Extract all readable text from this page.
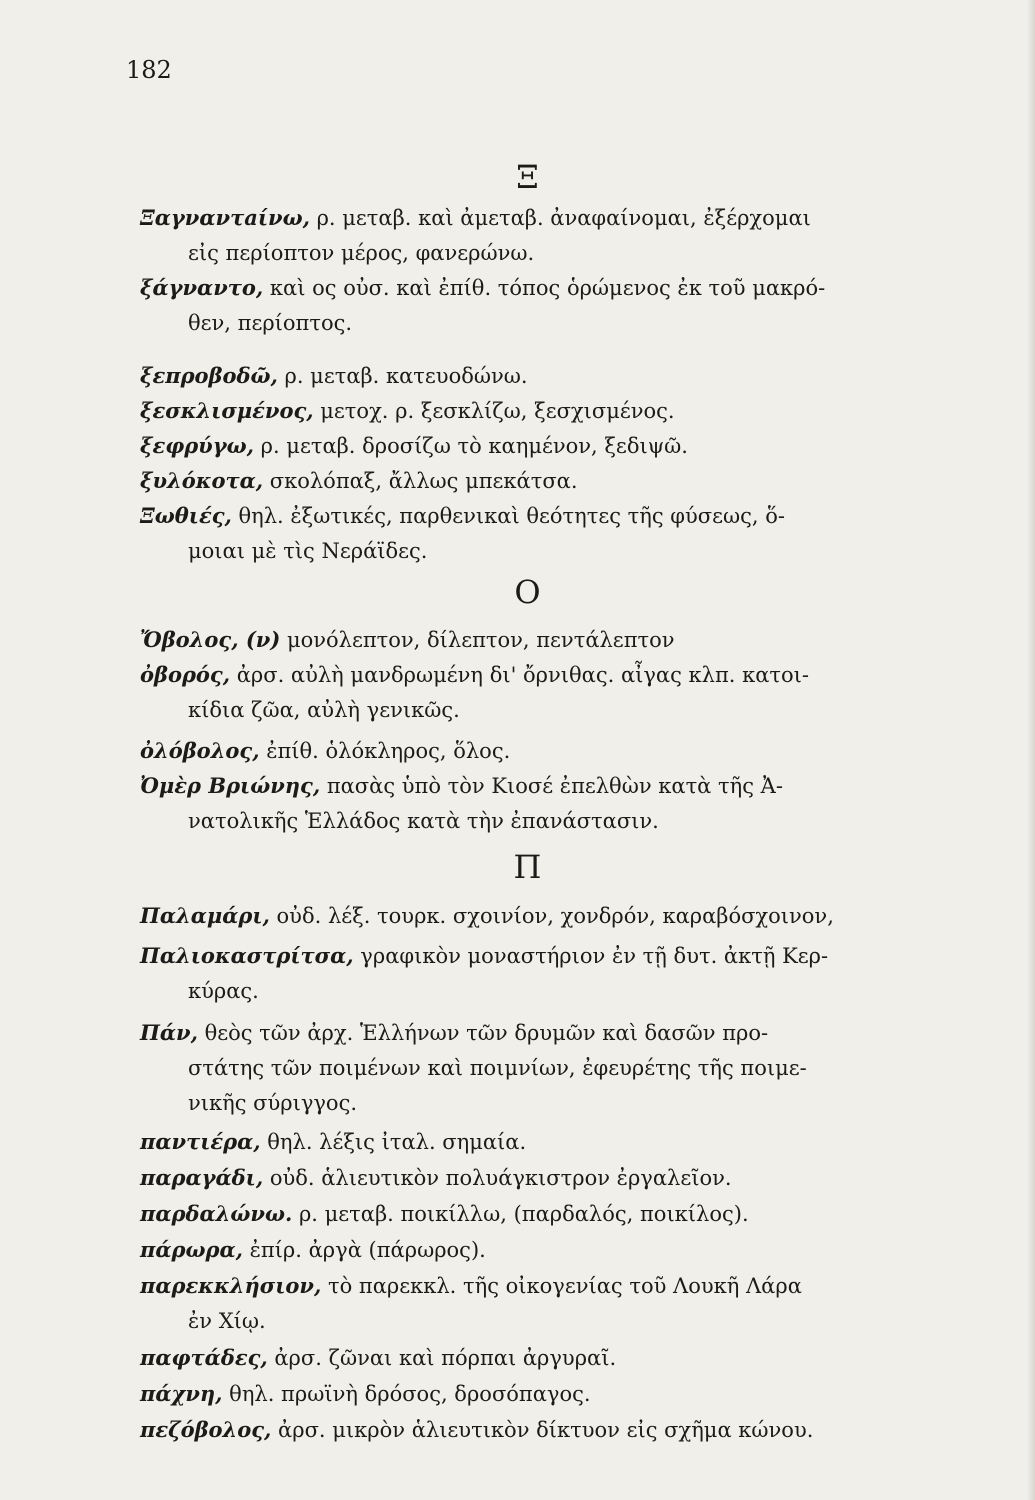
182
Ξ
Ξαγναντaίνω, ρ. μεταβ. καὶ ἀμεταβ. ἀναφαίνομαι, ἐξέρχομαι
εἰς περίοπτον μέρος, φανερώνω.
ξάγναντο, καὶ ος οὐσ. καὶ ἐπίθ. τόπος ὁρώμενος ἐκ τοῦ μακρό-
θεν, περίοπτος.
ξεπροβοδῶ, ρ. μεταβ. κατευοδώνω.
ξεσκλισμένος, μετοχ. ρ. ξεσκλίζω, ξεσχισμένος.
ξεφρύγω, ρ. μεταβ. δροσίζω τὸ καημένον, ξεδιψῶ.
ξυλόκοτα, σκολόπαξ, ἄλλως μπεκάτσα.
Ξωθιές, θηλ. ἐξωτικές, παρθενικαὶ θεότητες τῆς φύσεως, ὅ-
μοιαι μὲ τὶς Νεράϊδες.
Ο
Ὄβολος, (ν) μονόλεπτον, δίλεπτον, πεντάλεπτον
ὀβορός, ἀρσ. αὐλὴ μανδρωμένη δι' ὄρνιθας. αἶγας κλπ. κατοι-
κίδια ζῶα, αὐλὴ γενικῶς.
ὀλόβολος, ἐπίθ. ὁλόκληρος, ὅλος.
Ὀμὲρ Βριώνης, πασὰς ὑπὸ τὸν Κιοσέ ἐπελθὼν κατὰ τῆς Ἀ-
νατολικῆς Ἑλλάδος κατὰ τὴν ἐπανάστασιν.
Π
Παλαμάρι, οὐδ. λέξ. τουρκ. σχοινίον, χονδρόν, καραβόσχοινον,
Παλιοκαστρίτσα, γραφικὸν μοναστήριον ἐν τῇ δυτ. ἀκτῇ Κερ-
κύρας.
Πάν, θεὸς τῶν ἀρχ. Ἑλλήνων τῶν δρυμῶν καὶ δασῶν προ-
στάτης τῶν ποιμένων καὶ ποιμνίων, ἐφευρέτης τῆς ποιμε-
νικῆς σύριγγος.
παντιέρα, θηλ. λέξις ἰταλ. σημαία.
παραγάδι, οὐδ. ἁλιευτικὸν πολυάγκιστρον ἐργαλεῖον.
παρδαλώνω. ρ. μεταβ. ποικίλλω, (παρδαλός, ποικίλος).
πάρωρα, ἐπίρ. ἀργὰ (πάρωρος).
παρεκκλήσιον, τὸ παρεκκλ. τῆς οἰκογενίας τοῦ Λουκῆ Λάρα
ἐν Χίῳ.
παφτάδες, ἀρσ. ζῶναι καὶ πόρπαι ἀργυραῖ.
πάχνη, θηλ. πρωϊνὴ δρόσος, δροσόπαγος.
πεζόβολος, ἀρσ. μικρὸν ἁλιευτικὸν δίκτυον εἰς σχῆμα κώνου.
